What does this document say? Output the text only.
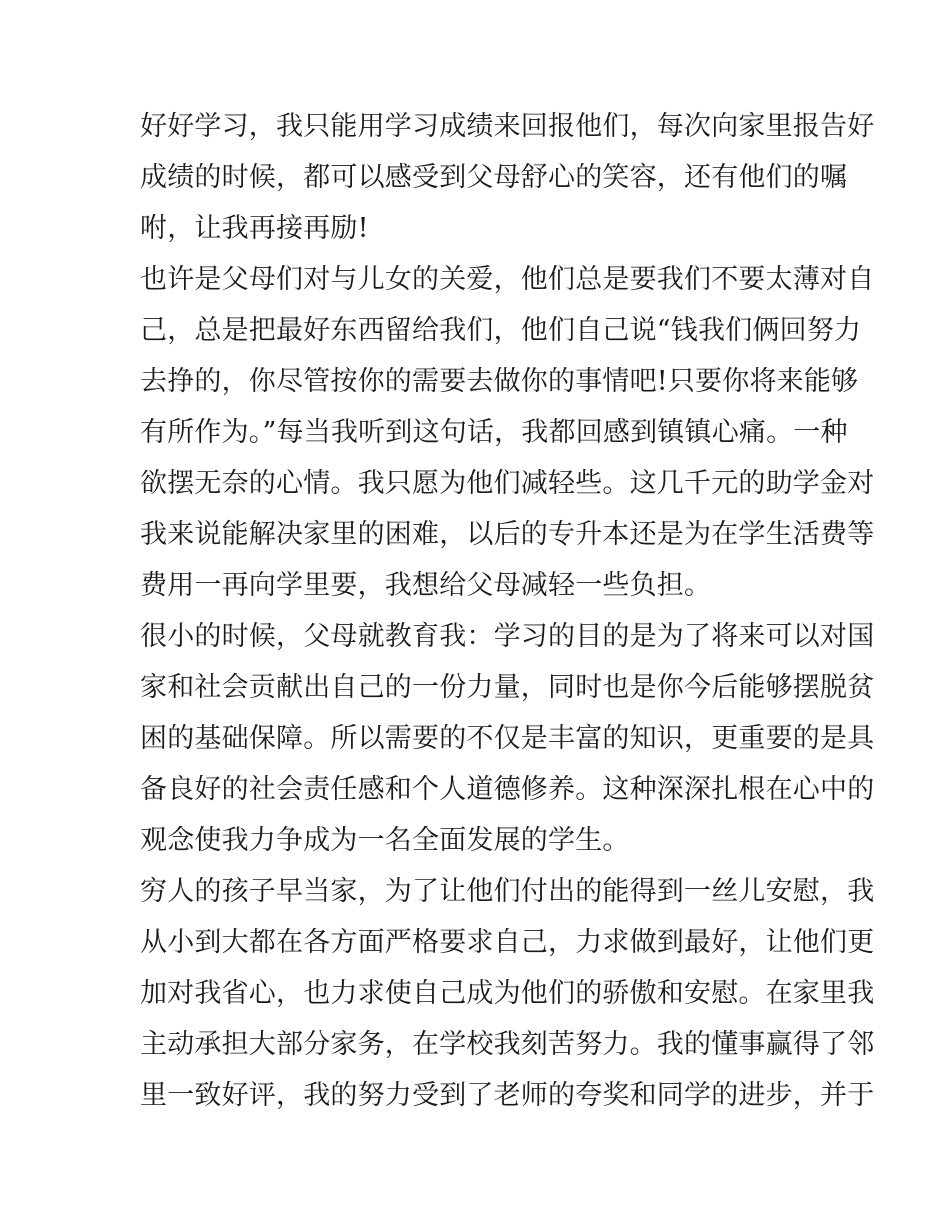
好好学习，我只能用学习成绩来回报他们，每次向家里报告好
成绩的时候，都可以感受到父母舒心的笑容，还有他们的嘱
咐，让我再接再励!
也许是父母们对与儿女的关爱，他们总是要我们不要太薄对自
己，总是把最好东西留给我们，他们自己说“钱我们俩回努力
去挣的，你尽管按你的需要去做你的事情吧!只要你将来能够
有所作为。”每当我听到这句话，我都回感到镇镇心痛。一种
欲摆无奈的心情。我只愿为他们减轻些。这几千元的助学金对
我来说能解决家里的困难，以后的专升本还是为在学生活费等
费用一再向学里要，我想给父母减轻一些负担。
很小的时候，父母就教育我：学习的目的是为了将来可以对国
家和社会贡献出自己的一份力量，同时也是你今后能够摆脱贫
困的基础保障。所以需要的不仅是丰富的知识，更重要的是具
备良好的社会责任感和个人道德修养。这种深深扎根在心中的
观念使我力争成为一名全面发展的学生。
穷人的孩子早当家，为了让他们付出的能得到一丝儿安慰，我
从小到大都在各方面严格要求自己，力求做到最好，让他们更
加对我省心，也力求使自己成为他们的骄傲和安慰。在家里我
主动承担大部分家务，在学校我刻苦努力。我的懂事赢得了邻
里一致好评，我的努力受到了老师的夸奖和同学的进步，并于
